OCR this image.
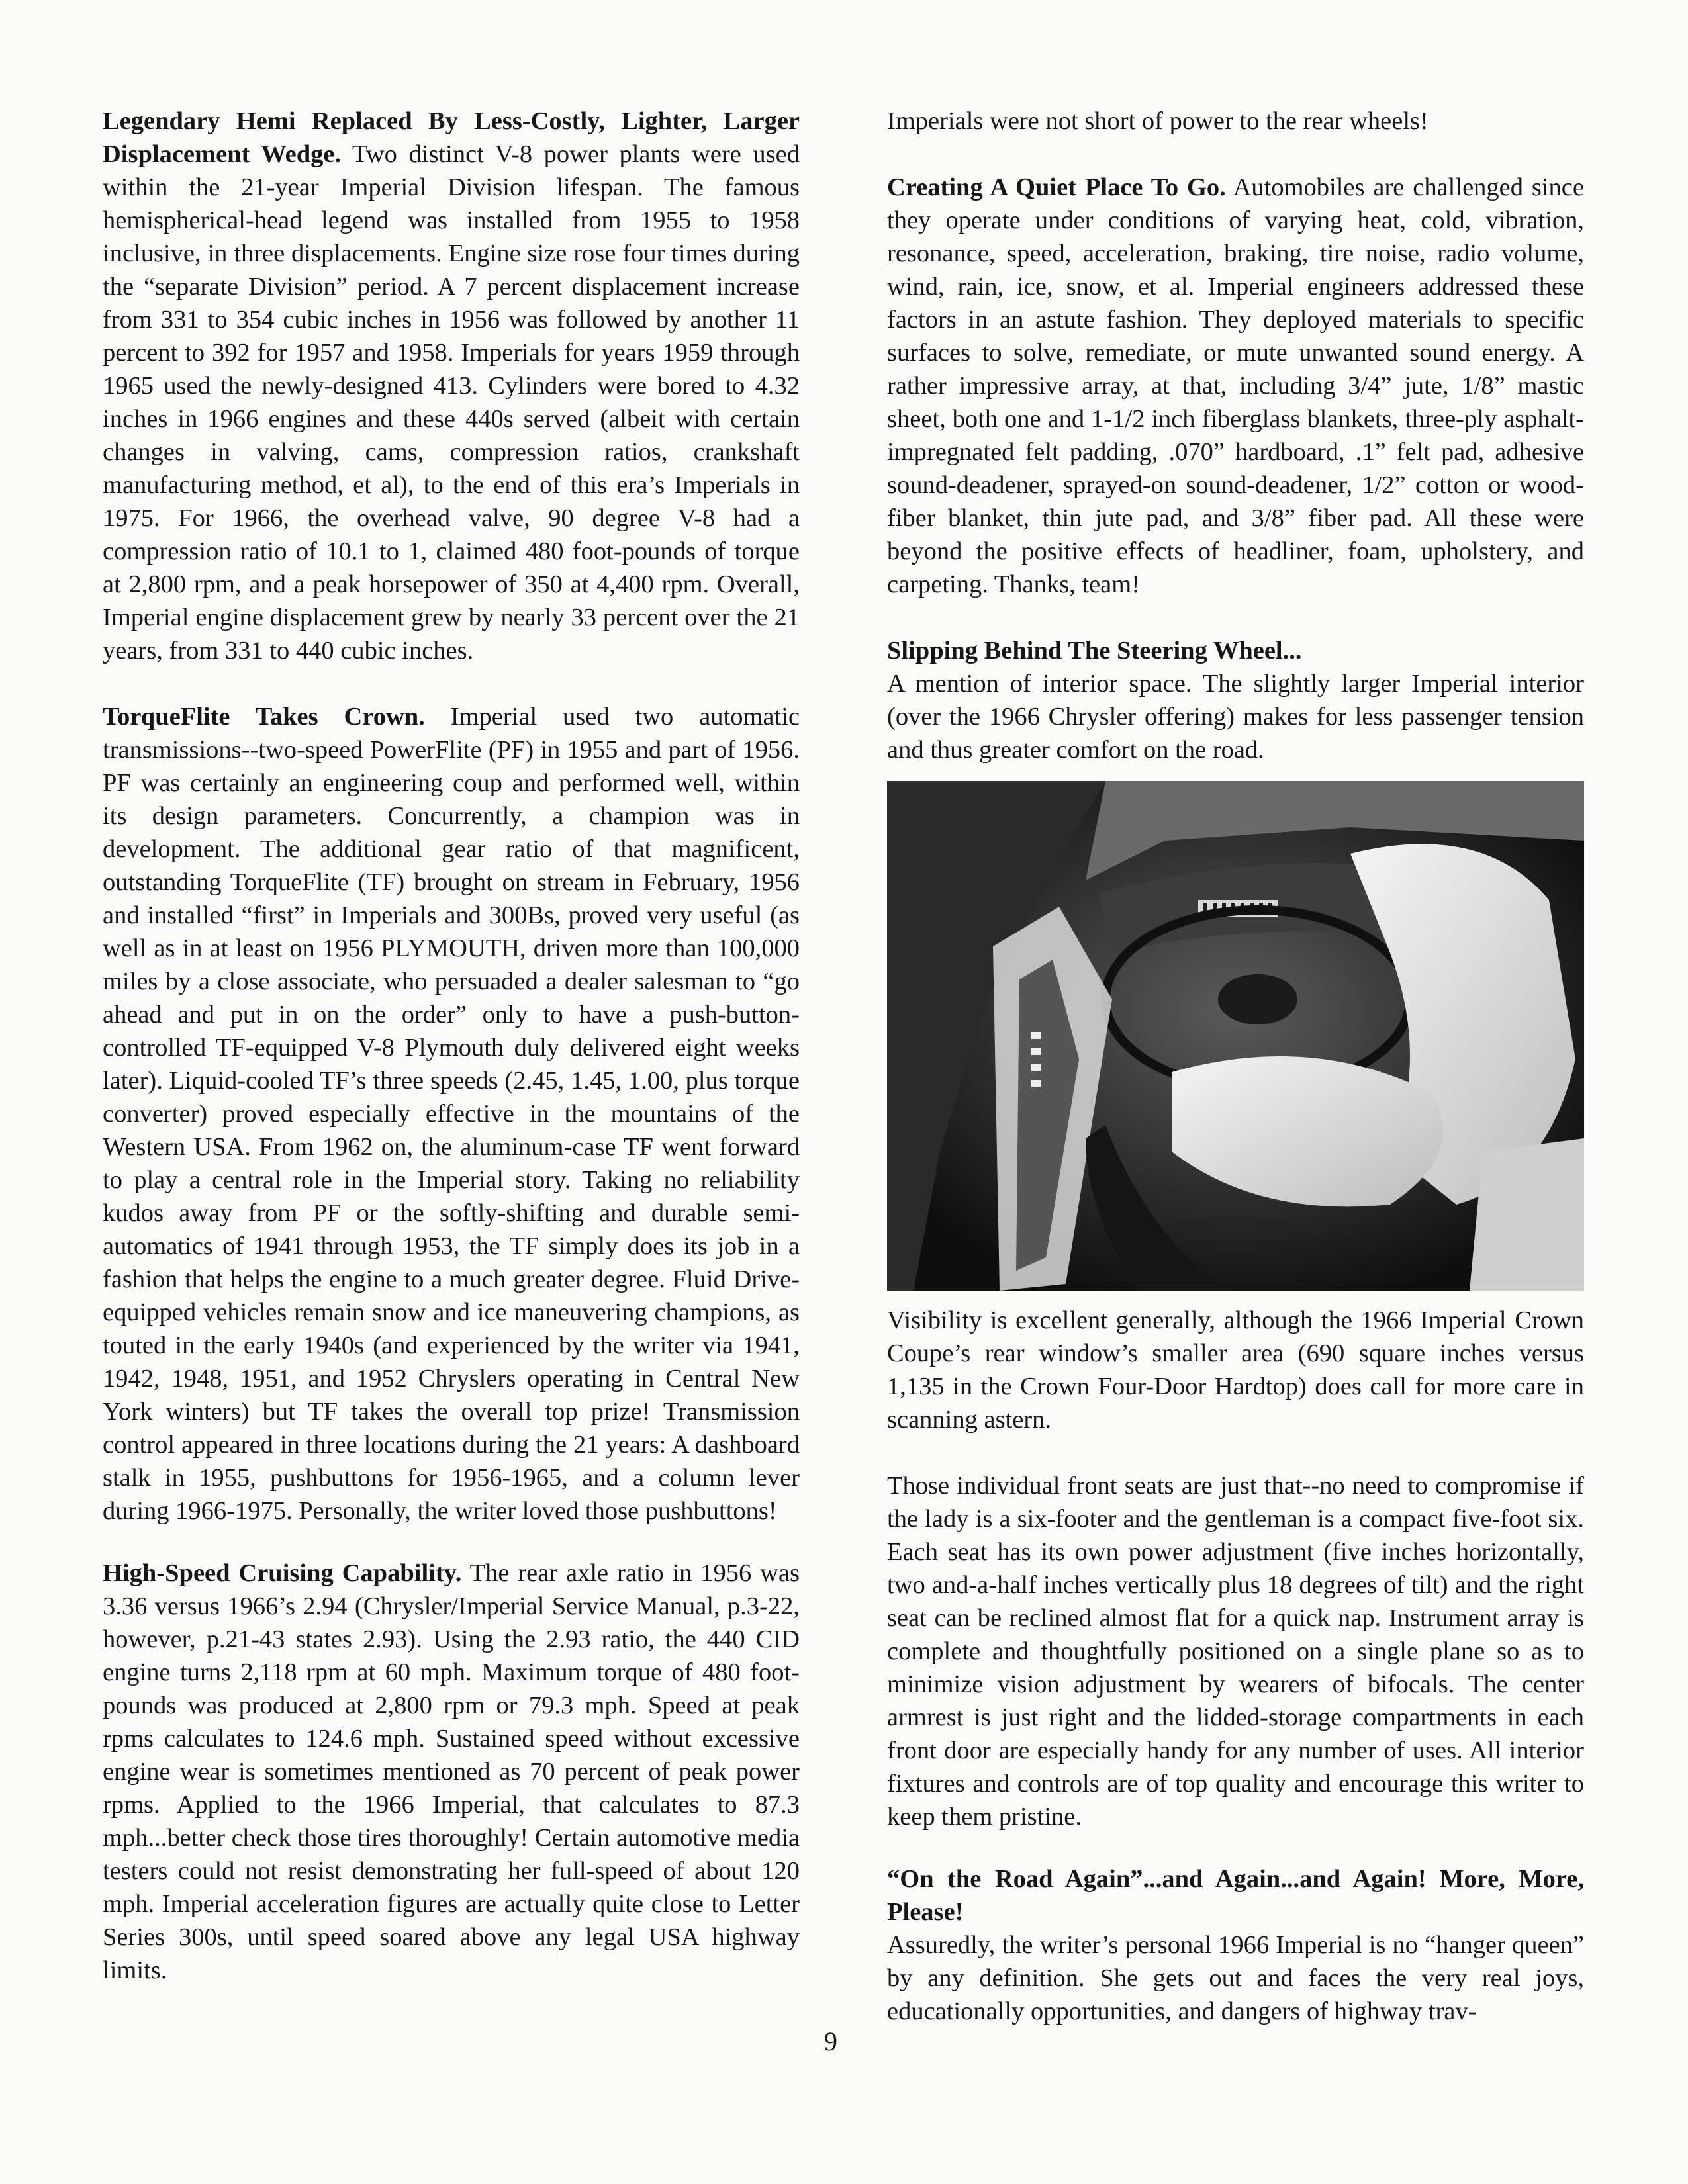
Legendary Hemi Replaced By Less-Costly, Lighter, Larger Displacement Wedge. Two distinct V-8 power plants were used within the 21-year Imperial Division lifespan. The famous hemispherical-head legend was installed from 1955 to 1958 inclusive, in three displacements. Engine size rose four times during the “separate Division” period. A 7 percent displacement increase from 331 to 354 cubic inches in 1956 was followed by another 11 percent to 392 for 1957 and 1958. Imperials for years 1959 through 1965 used the newly-designed 413. Cylinders were bored to 4.32 inches in 1966 engines and these 440s served (albeit with certain changes in valving, cams, compression ratios, crankshaft manufacturing method, et al), to the end of this era’s Imperials in 1975. For 1966, the overhead valve, 90 degree V-8 had a compression ratio of 10.1 to 1, claimed 480 foot-pounds of torque at 2,800 rpm, and a peak horsepower of 350 at 4,400 rpm. Overall, Imperial engine displacement grew by nearly 33 percent over the 21 years, from 331 to 440 cubic inches.

TorqueFlite Takes Crown. Imperial used two automatic transmissions--two-speed PowerFlite (PF) in 1955 and part of 1956. PF was certainly an engineering coup and performed well, within its design parameters. Concurrently, a champion was in development. The additional gear ratio of that magnificent, outstanding TorqueFlite (TF) brought on stream in February, 1956 and installed “first” in Imperials and 300Bs, proved very useful (as well as in at least on 1956 PLYMOUTH, driven more than 100,000 miles by a close associate, who persuaded a dealer salesman to “go ahead and put in on the order” only to have a push-button-controlled TF-equipped V-8 Plymouth duly delivered eight weeks later). Liquid-cooled TF’s three speeds (2.45, 1.45, 1.00, plus torque converter) proved especially effective in the mountains of the Western USA. From 1962 on, the aluminum-case TF went forward to play a central role in the Imperial story. Taking no reliability kudos away from PF or the softly-shifting and durable semi-automatics of 1941 through 1953, the TF simply does its job in a fashion that helps the engine to a much greater degree. Fluid Drive-equipped vehicles remain snow and ice maneuvering champions, as touted in the early 1940s (and experienced by the writer via 1941, 1942, 1948, 1951, and 1952 Chryslers operating in Central New York winters) but TF takes the overall top prize! Transmission control appeared in three locations during the 21 years: A dashboard stalk in 1955, pushbuttons for 1956-1965, and a column lever during 1966-1975. Personally, the writer loved those pushbuttons!

High-Speed Cruising Capability. The rear axle ratio in 1956 was 3.36 versus 1966’s 2.94 (Chrysler/Imperial Service Manual, p.3-22, however, p.21-43 states 2.93). Using the 2.93 ratio, the 440 CID engine turns 2,118 rpm at 60 mph. Maximum torque of 480 foot-pounds was produced at 2,800 rpm or 79.3 mph. Speed at peak rpms calculates to 124.6 mph. Sustained speed without excessive engine wear is sometimes mentioned as 70 percent of peak power rpms. Applied to the 1966 Imperial, that calculates to 87.3 mph...better check those tires thoroughly! Certain automotive media testers could not resist demonstrating her full-speed of about 120 mph. Imperial acceleration figures are actually quite close to Letter Series 300s, until speed soared above any legal USA highway limits.

Imperials were not short of power to the rear wheels!

Creating A Quiet Place To Go. Automobiles are challenged since they operate under conditions of varying heat, cold, vibration, resonance, speed, acceleration, braking, tire noise, radio volume, wind, rain, ice, snow, et al. Imperial engineers addressed these factors in an astute fashion. They deployed materials to specific surfaces to solve, remediate, or mute unwanted sound energy. A rather impressive array, at that, including 3/4” jute, 1/8” mastic sheet, both one and 1-1/2 inch fiberglass blankets, three-ply asphalt-impregnated felt padding, .070” hardboard, .1” felt pad, adhesive sound-deadener, sprayed-on sound-deadener, 1/2” cotton or wood-fiber blanket, thin jute pad, and 3/8” fiber pad. All these were beyond the positive effects of headliner, foam, upholstery, and carpeting. Thanks, team!

Slipping Behind The Steering Wheel...

A mention of interior space. The slightly larger Imperial interior (over the 1966 Chrysler offering) makes for less passenger tension and thus greater comfort on the road.

Visibility is excellent generally, although the 1966 Imperial Crown Coupe’s rear window’s smaller area (690 square inches versus 1,135 in the Crown Four-Door Hardtop) does call for more care in scanning astern.

Those individual front seats are just that--no need to compromise if the lady is a six-footer and the gentleman is a compact five-foot six. Each seat has its own power adjustment (five inches horizontally, two and-a-half inches vertically plus 18 degrees of tilt) and the right seat can be reclined almost flat for a quick nap. Instrument array is complete and thoughtfully positioned on a single plane so as to minimize vision adjustment by wearers of bifocals. The center armrest is just right and the lidded-storage compartments in each front door are especially handy for any number of uses. All interior fixtures and controls are of top quality and encourage this writer to keep them pristine.

“On the Road Again”...and Again...and Again! More, More, Please!

Assuredly, the writer’s personal 1966 Imperial is no “hanger queen” by any definition. She gets out and faces the very real joys, educationally opportunities, and dangers of highway trav-

9
